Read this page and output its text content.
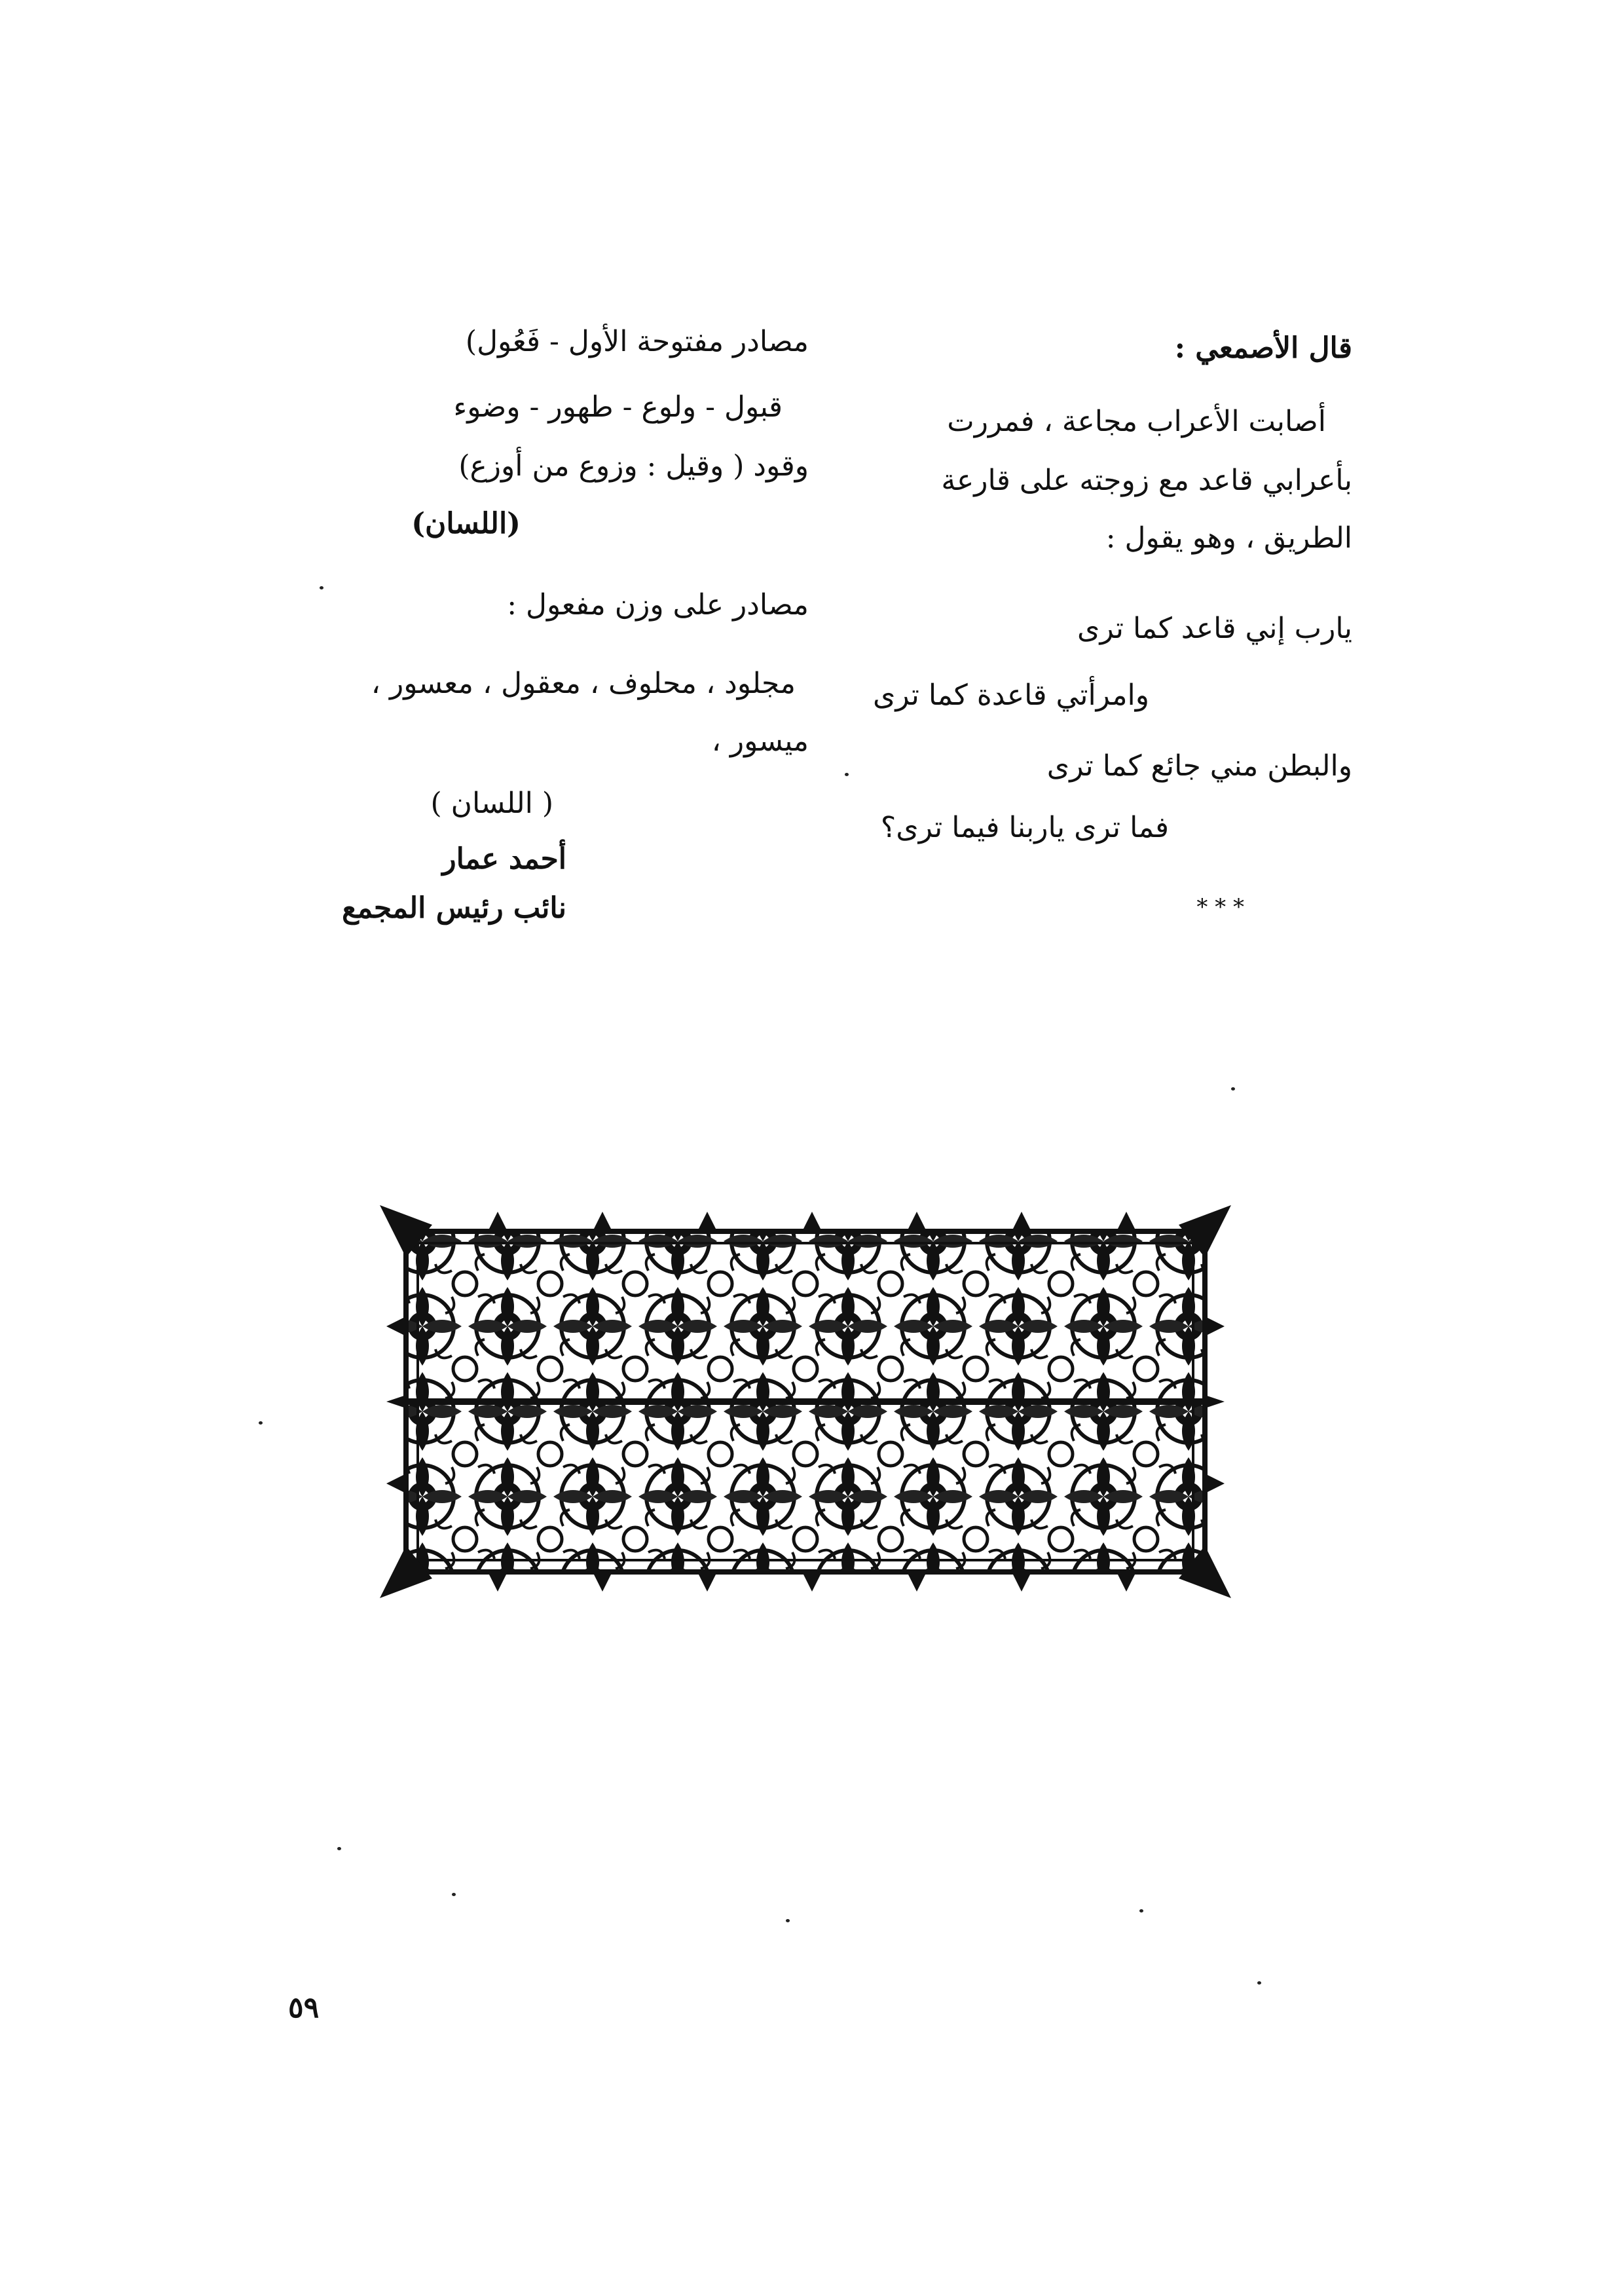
قال الأصمعي :
أصابت الأعراب مجاعة ، فمررت
بأعرابي قاعد مع زوجته على قارعة
الطريق ، وهو يقول :
يارب إني قاعد كما ترى
وامرأتي قاعدة كما ترى
والبطن مني جائع كما ترى
فما ترى ياربنا فيما ترى؟
* * *
مصادر مفتوحة الأول - فَعُول)
قبول - ولوع - طهور - وضوء
وقود ( وقيل : وزوع من أوزع)
(اللسان)
مصادر على وزن مفعول :
مجلود ، محلوف ، معقول ، معسور ،
ميسور ،
( اللسان )
أحمد عمار
نائب رئيس المجمع
٥٩
